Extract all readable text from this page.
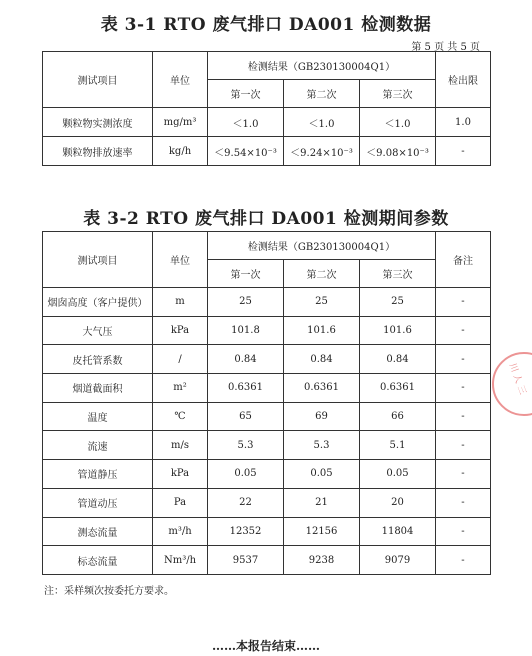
表 3-1 RTO 废气排口 DA001 检测数据
第 5 页 共 5 页
测试项目	单位	检测结果（GB230130004Q1）			检出限
		第一次	第二次	第三次	
颗粒物实测浓度	mg/m³	＜1.0	＜1.0	＜1.0	1.0
颗粒物排放速率	kg/h	＜9.54×10⁻³	＜9.24×10⁻³	＜9.08×10⁻³	-
表 3-2 RTO 废气排口 DA001 检测期间参数
测试项目	单位	检测结果（GB230130004Q1）			备注
		第一次	第二次	第三次	
烟囱高度（客户提供）	m	25	25	25	-
大气压	kPa	101.8	101.6	101.6	-
皮托管系数	/	0.84	0.84	0.84	-
烟道截面积	m²	0.6361	0.6361	0.6361	-
温度	℃	65	69	66	-
流速	m/s	5.3	5.3	5.1	-
管道静压	kPa	0.05	0.05	0.05	-
管道动压	Pa	22	21	20	-
测态流量	m³/h	12352	12156	11804	-
标态流量	Nm³/h	9537	9238	9079	-
注：采样频次按委托方要求。
……本报告结束……
川 人 三
